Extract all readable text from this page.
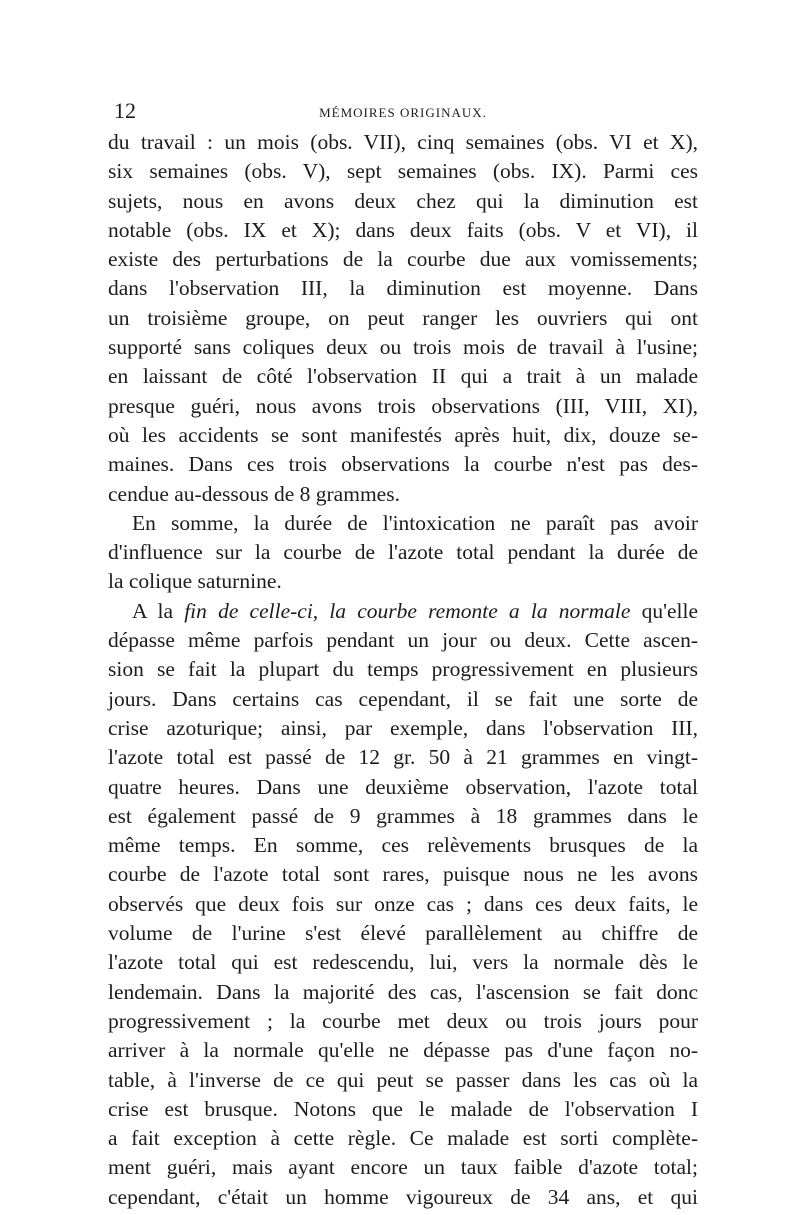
12	MÉMOIRES ORIGINAUX.
du travail : un mois (obs. VII), cinq semaines (obs. VI et X),
six semaines (obs. V), sept semaines (obs. IX). Parmi ces
sujets, nous en avons deux chez qui la diminution est
notable (obs. IX et X); dans deux faits (obs. V et VI), il
existe des perturbations de la courbe due aux vomissements;
dans l'observation III, la diminution est moyenne. Dans
un troisième groupe, on peut ranger les ouvriers qui ont
supporté sans coliques deux ou trois mois de travail à l'usine;
en laissant de côté l'observation II qui a trait à un malade
presque guéri, nous avons trois observations (III, VIII, XI),
où les accidents se sont manifestés après huit, dix, douze se-
maines. Dans ces trois observations la courbe n'est pas des-
cendue au-dessous de 8 grammes.
En somme, la durée de l'intoxication ne paraît pas avoir
d'influence sur la courbe de l'azote total pendant la durée de
la colique saturnine.
A la fin de celle-ci, la courbe remonte a la normale qu'elle
dépasse même parfois pendant un jour ou deux. Cette ascen-
sion se fait la plupart du temps progressivement en plusieurs
jours. Dans certains cas cependant, il se fait une sorte de
crise azoturique; ainsi, par exemple, dans l'observation III,
l'azote total est passé de 12 gr. 50 à 21 grammes en vingt-
quatre heures. Dans une deuxième observation, l'azote total
est également passé de 9 grammes à 18 grammes dans le
même temps. En somme, ces relèvements brusques de la
courbe de l'azote total sont rares, puisque nous ne les avons
observés que deux fois sur onze cas ; dans ces deux faits, le
volume de l'urine s'est élevé parallèlement au chiffre de
l'azote total qui est redescendu, lui, vers la normale dès le
lendemain. Dans la majorité des cas, l'ascension se fait donc
progressivement ; la courbe met deux ou trois jours pour
arriver à la normale qu'elle ne dépasse pas d'une façon no-
table, à l'inverse de ce qui peut se passer dans les cas où la
crise est brusque. Notons que le malade de l'observation I
a fait exception à cette règle. Ce malade est sorti complète-
ment guéri, mais ayant encore un taux faible d'azote total;
cependant, c'était un homme vigoureux de 34 ans, et qui
